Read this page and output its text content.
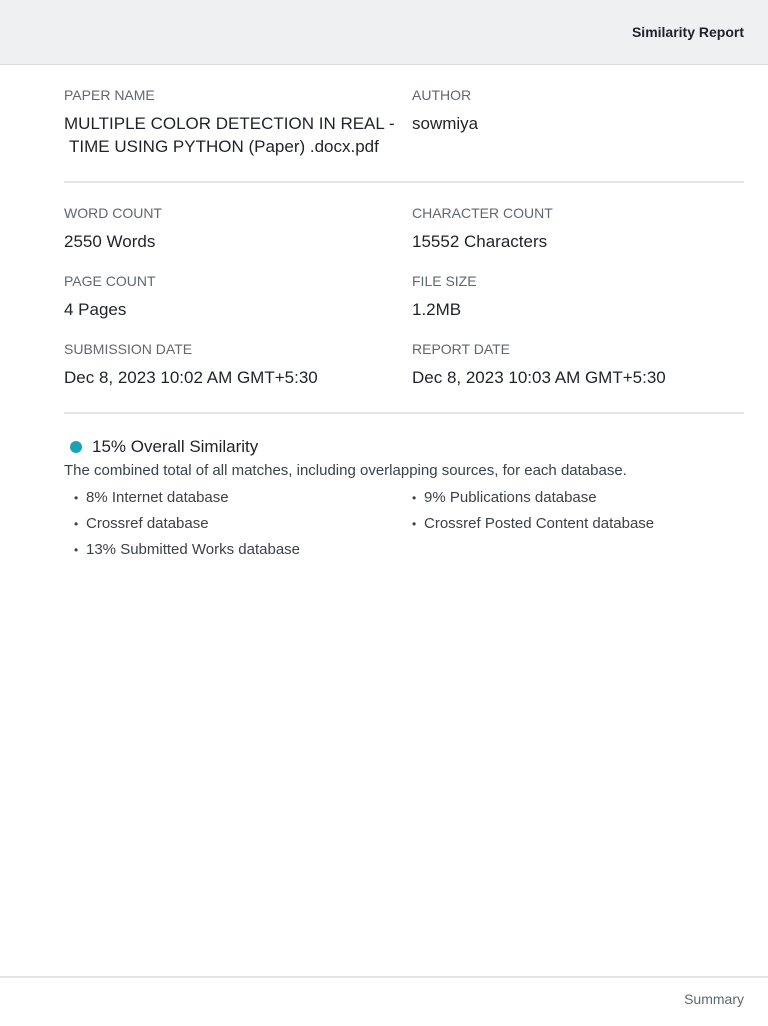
Similarity Report
PAPER NAME
MULTIPLE COLOR DETECTION IN REAL -
TIME USING PYTHON (Paper) .docx.pdf
AUTHOR
sowmiya
WORD COUNT
2550 Words
CHARACTER COUNT
15552 Characters
PAGE COUNT
4 Pages
FILE SIZE
1.2MB
SUBMISSION DATE
Dec 8, 2023 10:02 AM GMT+5:30
REPORT DATE
Dec 8, 2023 10:03 AM GMT+5:30
15% Overall Similarity
The combined total of all matches, including overlapping sources, for each database.
• 8% Internet database
• Crossref database
• 13% Submitted Works database
• 9% Publications database
• Crossref Posted Content database
Summary
